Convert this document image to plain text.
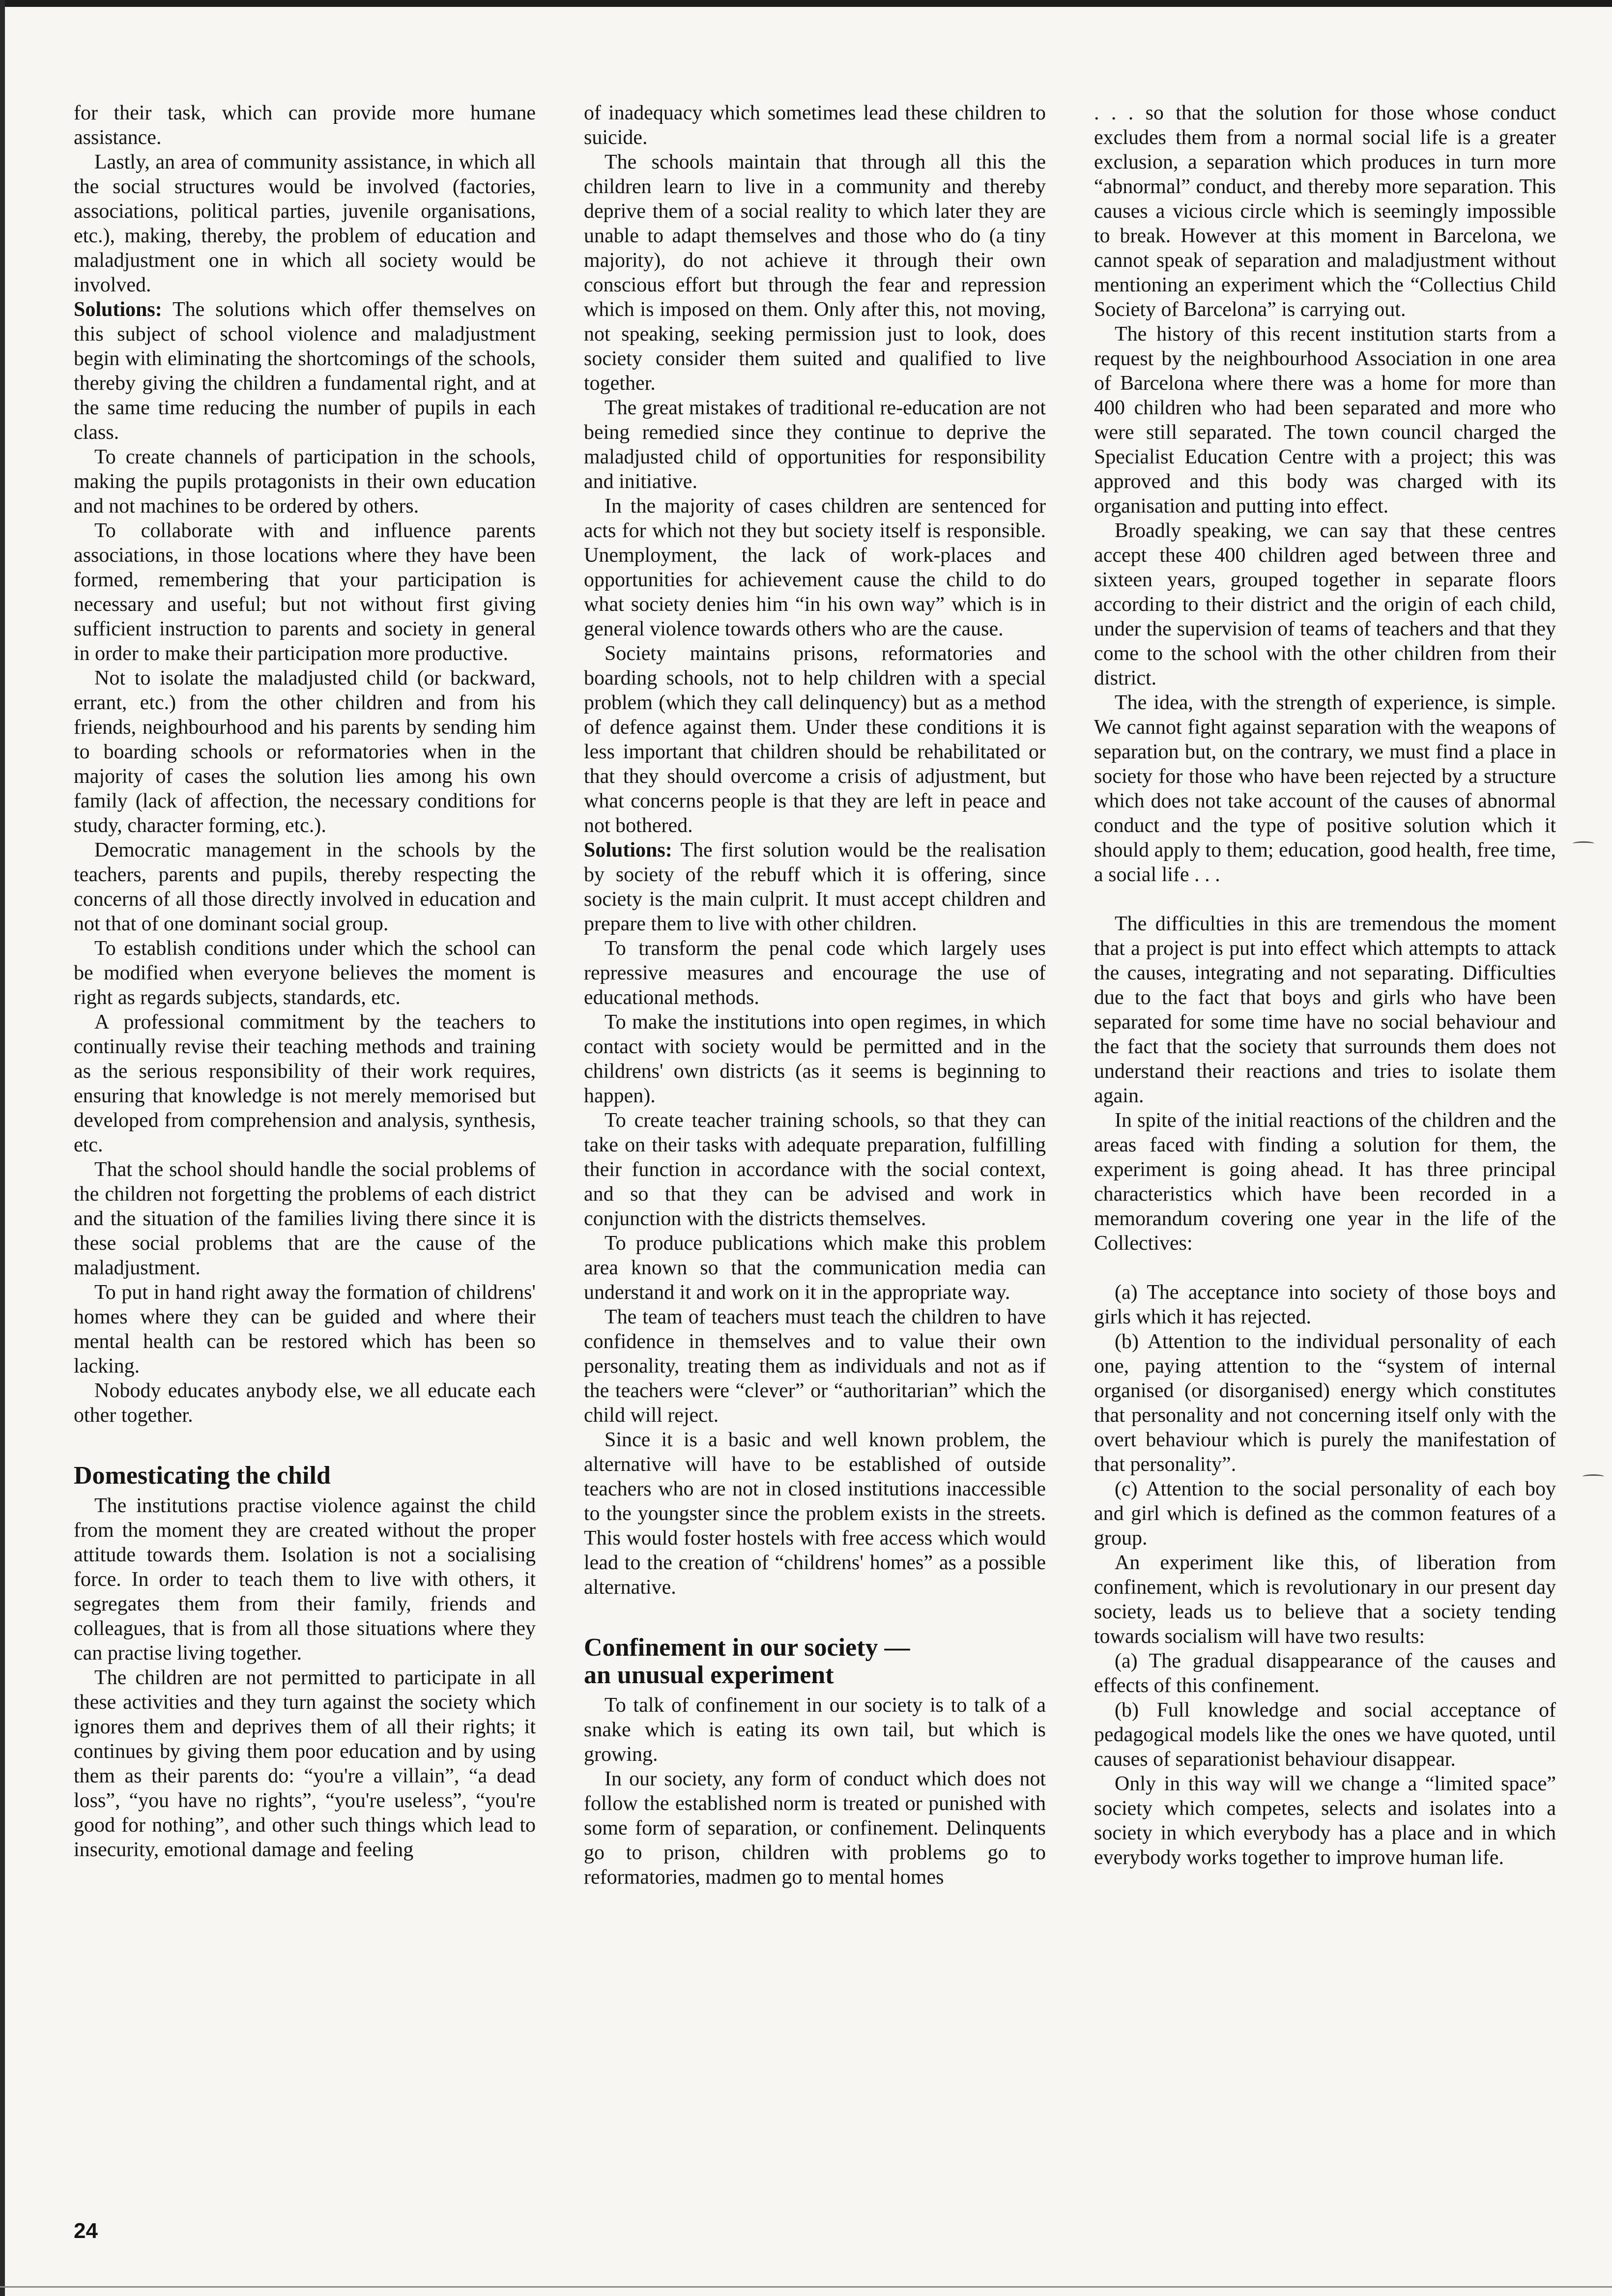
for their task, which can provide more humane assistance.

Lastly, an area of community assistance, in which all the social structures would be involved (factories, associations, political parties, juvenile organisations, etc.), making, thereby, the problem of education and maladjustment one in which all society would be involved.

Solutions: The solutions which offer themselves on this subject of school violence and maladjustment begin with eliminating the shortcomings of the schools, thereby giving the children a fundamental right, and at the same time reducing the number of pupils in each class.

To create channels of participation in the schools, making the pupils protagonists in their own education and not machines to be ordered by others.

To collaborate with and influence parents associations, in those locations where they have been formed, remembering that your participation is necessary and useful; but not without first giving sufficient instruction to parents and society in general in order to make their participation more productive.

Not to isolate the maladjusted child (or backward, errant, etc.) from the other children and from his friends, neighbourhood and his parents by sending him to boarding schools or reformatories when in the majority of cases the solution lies among his own family (lack of affection, the necessary conditions for study, character forming, etc.).

Democratic management in the schools by the teachers, parents and pupils, thereby respecting the concerns of all those directly involved in education and not that of one dominant social group.

To establish conditions under which the school can be modified when everyone believes the moment is right as regards subjects, standards, etc.

A professional commitment by the teachers to continually revise their teaching methods and training as the serious responsibility of their work requires, ensuring that knowledge is not merely memorised but developed from comprehension and analysis, synthesis, etc.

That the school should handle the social problems of the children not forgetting the problems of each district and the situation of the families living there since it is these social problems that are the cause of the maladjustment.

To put in hand right away the formation of childrens' homes where they can be guided and where their mental health can be restored which has been so lacking.

Nobody educates anybody else, we all educate each other together.

Domesticating the child

The institutions practise violence against the child from the moment they are created without the proper attitude towards them. Isolation is not a socialising force. In order to teach them to live with others, it segregates them from their family, friends and colleagues, that is from all those situations where they can practise living together.

The children are not permitted to participate in all these activities and they turn against the society which ignores them and deprives them of all their rights; it continues by giving them poor education and by using them as their parents do: “you're a villain”, “a dead loss”, “you have no rights”, “you're useless”, “you're good for nothing”, and other such things which lead to insecurity, emotional damage and feeling

of inadequacy which sometimes lead these children to suicide.

The schools maintain that through all this the children learn to live in a community and thereby deprive them of a social reality to which later they are unable to adapt themselves and those who do (a tiny majority), do not achieve it through their own conscious effort but through the fear and repression which is imposed on them. Only after this, not moving, not speaking, seeking permission just to look, does society consider them suited and qualified to live together.

The great mistakes of traditional re-education are not being remedied since they continue to deprive the maladjusted child of opportunities for responsibility and initiative.

In the majority of cases children are sentenced for acts for which not they but society itself is responsible. Unemployment, the lack of work-places and opportunities for achievement cause the child to do what society denies him “in his own way” which is in general violence towards others who are the cause.

Society maintains prisons, reformatories and boarding schools, not to help children with a special problem (which they call delinquency) but as a method of defence against them. Under these conditions it is less important that children should be rehabilitated or that they should overcome a crisis of adjustment, but what concerns people is that they are left in peace and not bothered.

Solutions: The first solution would be the realisation by society of the rebuff which it is offering, since society is the main culprit. It must accept children and prepare them to live with other children.

To transform the penal code which largely uses repressive measures and encourage the use of educational methods.

To make the institutions into open regimes, in which contact with society would be permitted and in the childrens' own districts (as it seems is beginning to happen).

To create teacher training schools, so that they can take on their tasks with adequate preparation, fulfilling their function in accordance with the social context, and so that they can be advised and work in conjunction with the districts themselves.

To produce publications which make this problem area known so that the communication media can understand it and work on it in the appropriate way.

The team of teachers must teach the children to have confidence in themselves and to value their own personality, treating them as individuals and not as if the teachers were “clever” or “authoritarian” which the child will reject.

Since it is a basic and well known problem, the alternative will have to be established of outside teachers who are not in closed institutions inaccessible to the youngster since the problem exists in the streets. This would foster hostels with free access which would lead to the creation of “childrens' homes” as a possible alternative.

Confinement in our society —
an unusual experiment

To talk of confinement in our society is to talk of a snake which is eating its own tail, but which is growing.

In our society, any form of conduct which does not follow the established norm is treated or punished with some form of separation, or confinement. Delinquents go to prison, children with problems go to reformatories, madmen go to mental homes

. . . so that the solution for those whose conduct excludes them from a normal social life is a greater exclusion, a separation which produces in turn more “abnormal” conduct, and thereby more separation. This causes a vicious circle which is seemingly impossible to break. However at this moment in Barcelona, we cannot speak of separation and maladjustment without mentioning an experiment which the “Collectius Child Society of Barcelona” is carrying out.

The history of this recent institution starts from a request by the neighbourhood Association in one area of Barcelona where there was a home for more than 400 children who had been separated and more who were still separated. The town council charged the Specialist Education Centre with a project; this was approved and this body was charged with its organisation and putting into effect.

Broadly speaking, we can say that these centres accept these 400 children aged between three and sixteen years, grouped together in separate floors according to their district and the origin of each child, under the supervision of teams of teachers and that they come to the school with the other children from their district.

The idea, with the strength of experience, is simple. We cannot fight against separation with the weapons of separation but, on the contrary, we must find a place in society for those who have been rejected by a structure which does not take account of the causes of abnormal conduct and the type of positive solution which it should apply to them; education, good health, free time, a social life . . .

The difficulties in this are tremendous the moment that a project is put into effect which attempts to attack the causes, integrating and not separating. Difficulties due to the fact that boys and girls who have been separated for some time have no social behaviour and the fact that the society that surrounds them does not understand their reactions and tries to isolate them again.

In spite of the initial reactions of the children and the areas faced with finding a solution for them, the experiment is going ahead. It has three principal characteristics which have been recorded in a memorandum covering one year in the life of the Collectives:

(a) The acceptance into society of those boys and girls which it has rejected.

(b) Attention to the individual personality of each one, paying attention to the “system of internal organised (or disorganised) energy which constitutes that personality and not concerning itself only with the overt behaviour which is purely the manifestation of that personality”.

(c) Attention to the social personality of each boy and girl which is defined as the common features of a group.

An experiment like this, of liberation from confinement, which is revolutionary in our present day society, leads us to believe that a society tending towards socialism will have two results:

(a) The gradual disappearance of the causes and effects of this confinement.

(b) Full knowledge and social acceptance of pedagogical models like the ones we have quoted, until causes of separationist behaviour disappear.

Only in this way will we change a “limited space” society which competes, selects and isolates into a society in which everybody has a place and in which everybody works together to improve human life.

24
